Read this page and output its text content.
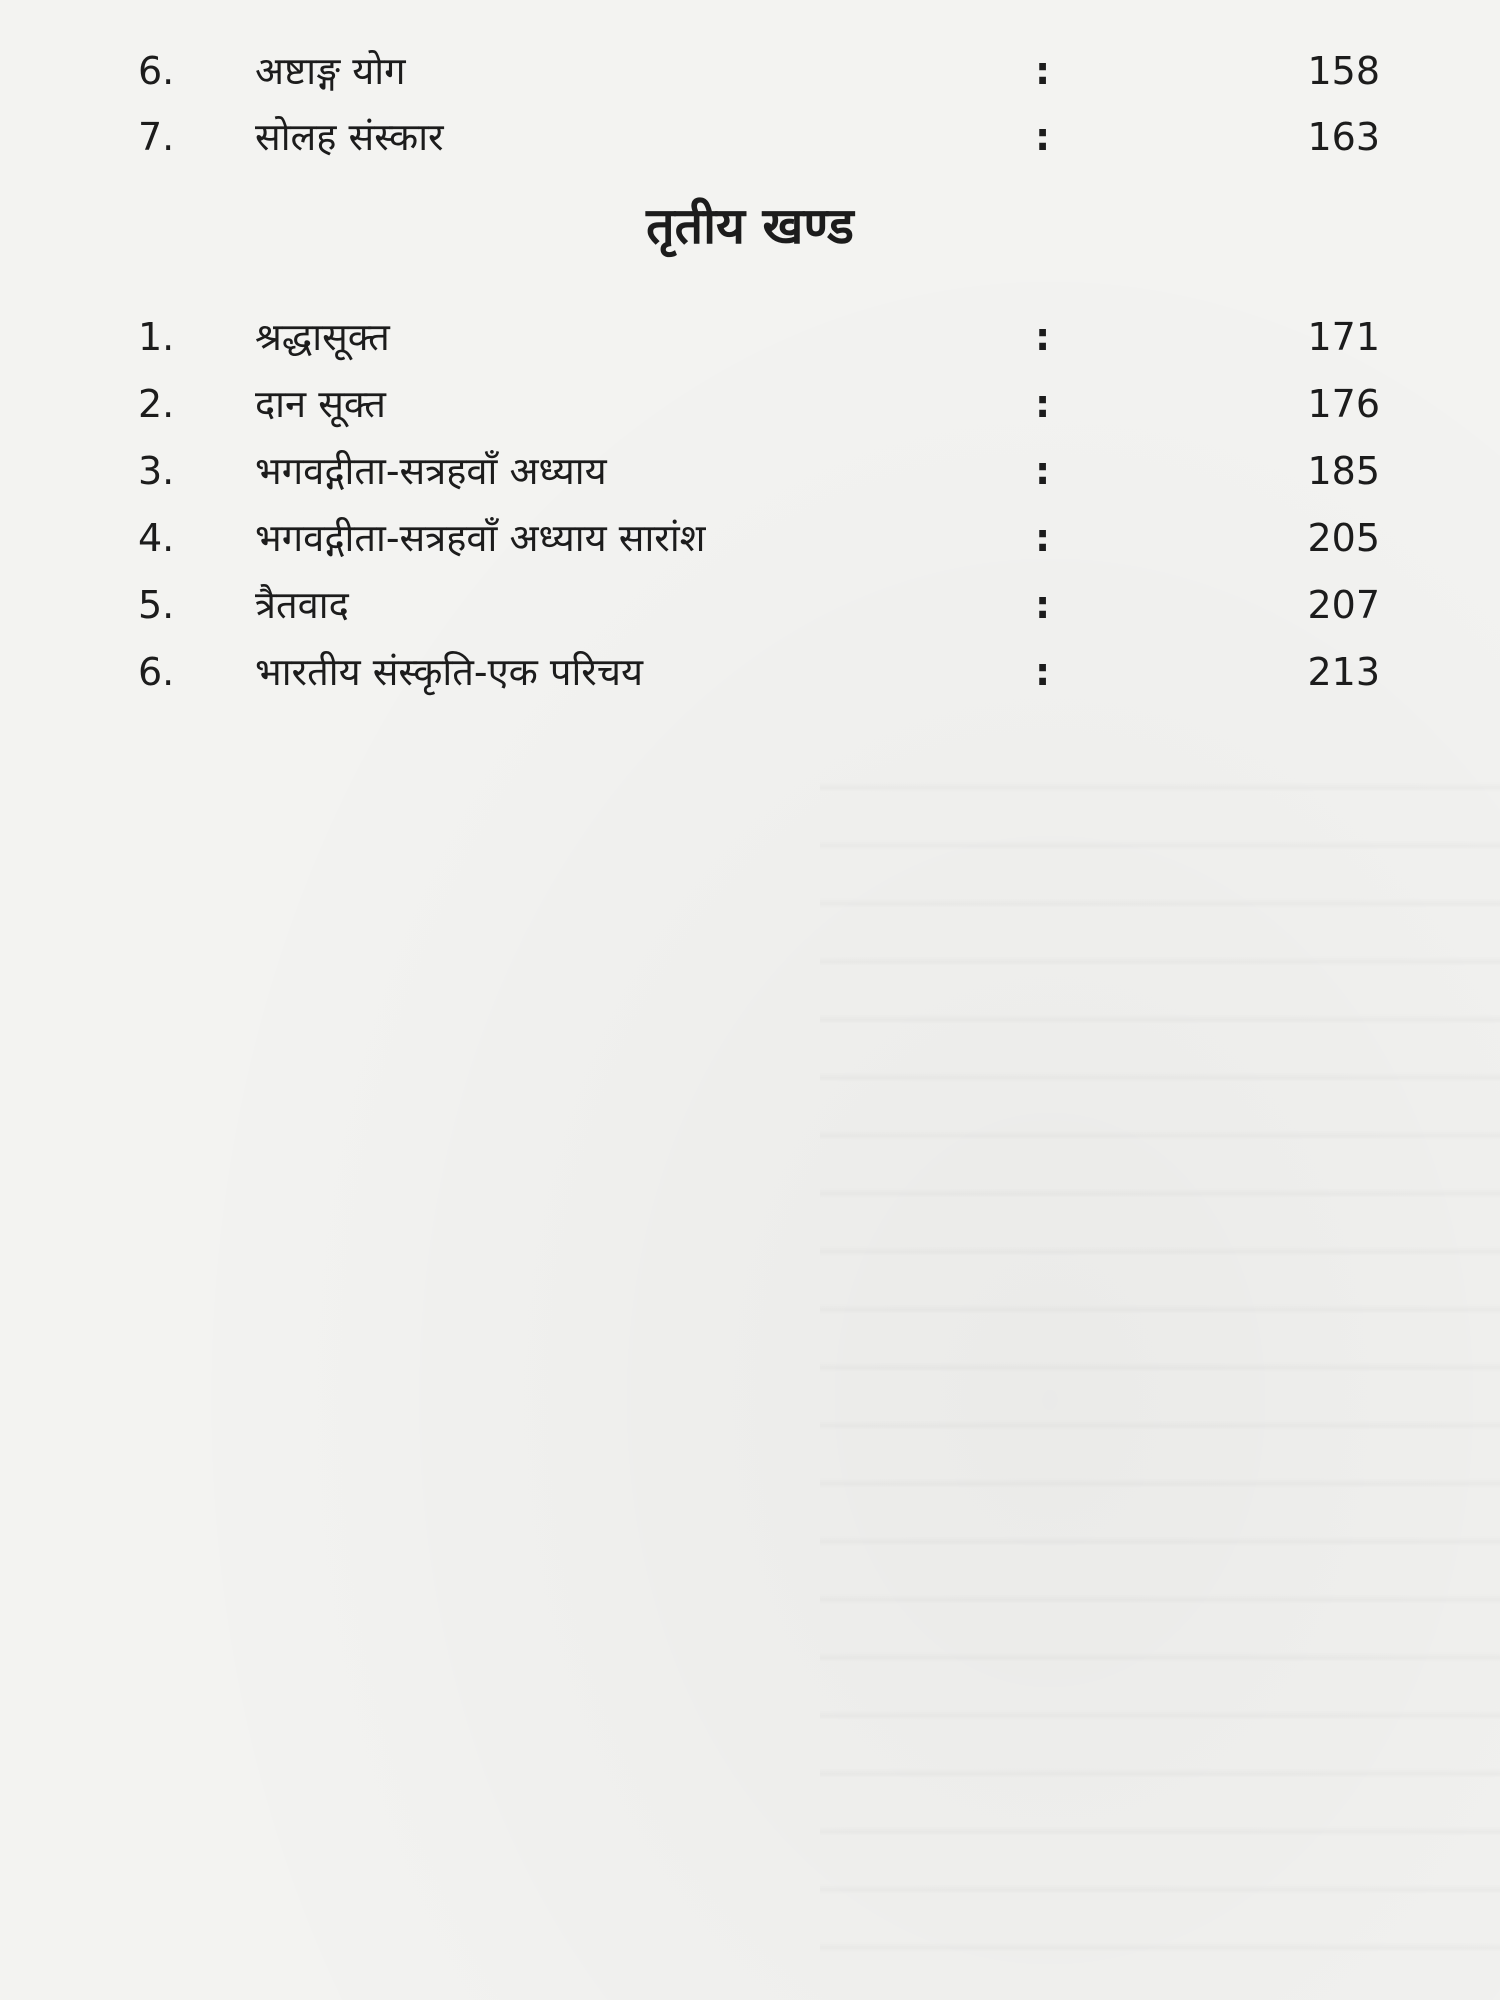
6.	अष्टाङ्ग योग	:	158
7.	सोलह संस्कार	:	163
तृतीय खण्ड
1.	श्रद्धासूक्त	:	171
2.	दान सूक्त	:	176
3.	भगवद्गीता-सत्रहवाँ अध्याय	:	185
4.	भगवद्गीता-सत्रहवाँ अध्याय सारांश	:	205
5.	त्रैतवाद	:	207
6.	भारतीय संस्कृति-एक परिचय	:	213
